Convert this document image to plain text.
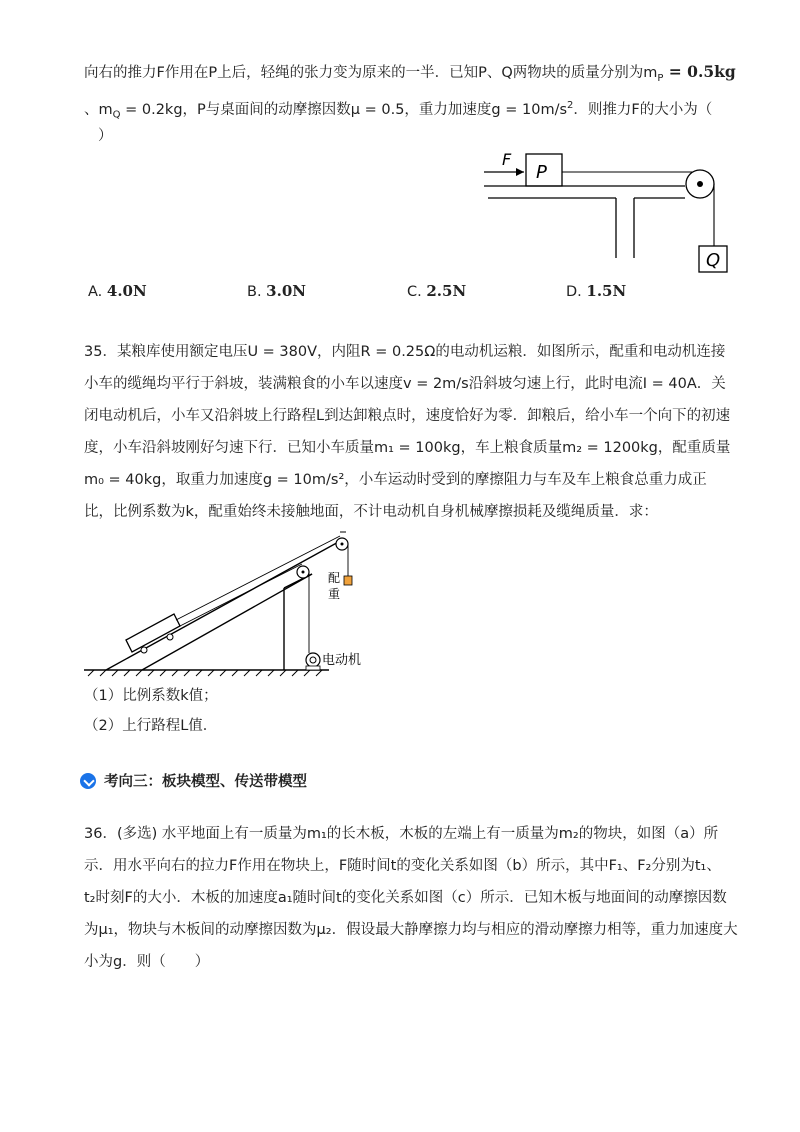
向右的推力F作用在P上后，轻绳的张力变为原来的一半．已知P、Q两物块的质量分别为$m_P = 0.5kg$
、$m_Q = 0.2kg$，P与桌面间的动摩擦因数μ = 0.5，重力加速度$g = 10m/s^2$．则推力F的大小为（
）
F
P
Q
A. 4.0N	B. 3.0N	C. 2.5N	D. 1.5N
35．某粮库使用额定电压U = 380V，内阻R = 0.25Ω的电动机运粮．如图所示，配重和电动机连接
小车的缆绳均平行于斜坡，装满粮食的小车以速度v = 2m/s沿斜坡匀速上行，此时电流I = 40A．关
闭电动机后，小车又沿斜坡上行路程L到达卸粮点时，速度恰好为零．卸粮后，给小车一个向下的初速
度，小车沿斜坡刚好匀速下行．已知小车质量m₁ = 100kg，车上粮食质量m₂ = 1200kg，配重质量
m₀ = 40kg，取重力加速度g = 10m/s²，小车运动时受到的摩擦阻力与车及车上粮食总重力成正
比，比例系数为k，配重始终未接触地面，不计电动机自身机械摩擦损耗及缆绳质量．求：
配
重
电动机
（1）比例系数k值；
（2）上行路程L值．
考向三：板块模型、传送带模型
36．(多选) 水平地面上有一质量为m₁的长木板，木板的左端上有一质量为m₂的物块，如图（a）所
示．用水平向右的拉力F作用在物块上，F随时间t的变化关系如图（b）所示，其中F₁、F₂分别为t₁、
t₂时刻F的大小．木板的加速度a₁随时间t的变化关系如图（c）所示．已知木板与地面间的动摩擦因数
为μ₁，物块与木板间的动摩擦因数为μ₂．假设最大静摩擦力均与相应的滑动摩擦力相等，重力加速度大
小为g．则（　　）
